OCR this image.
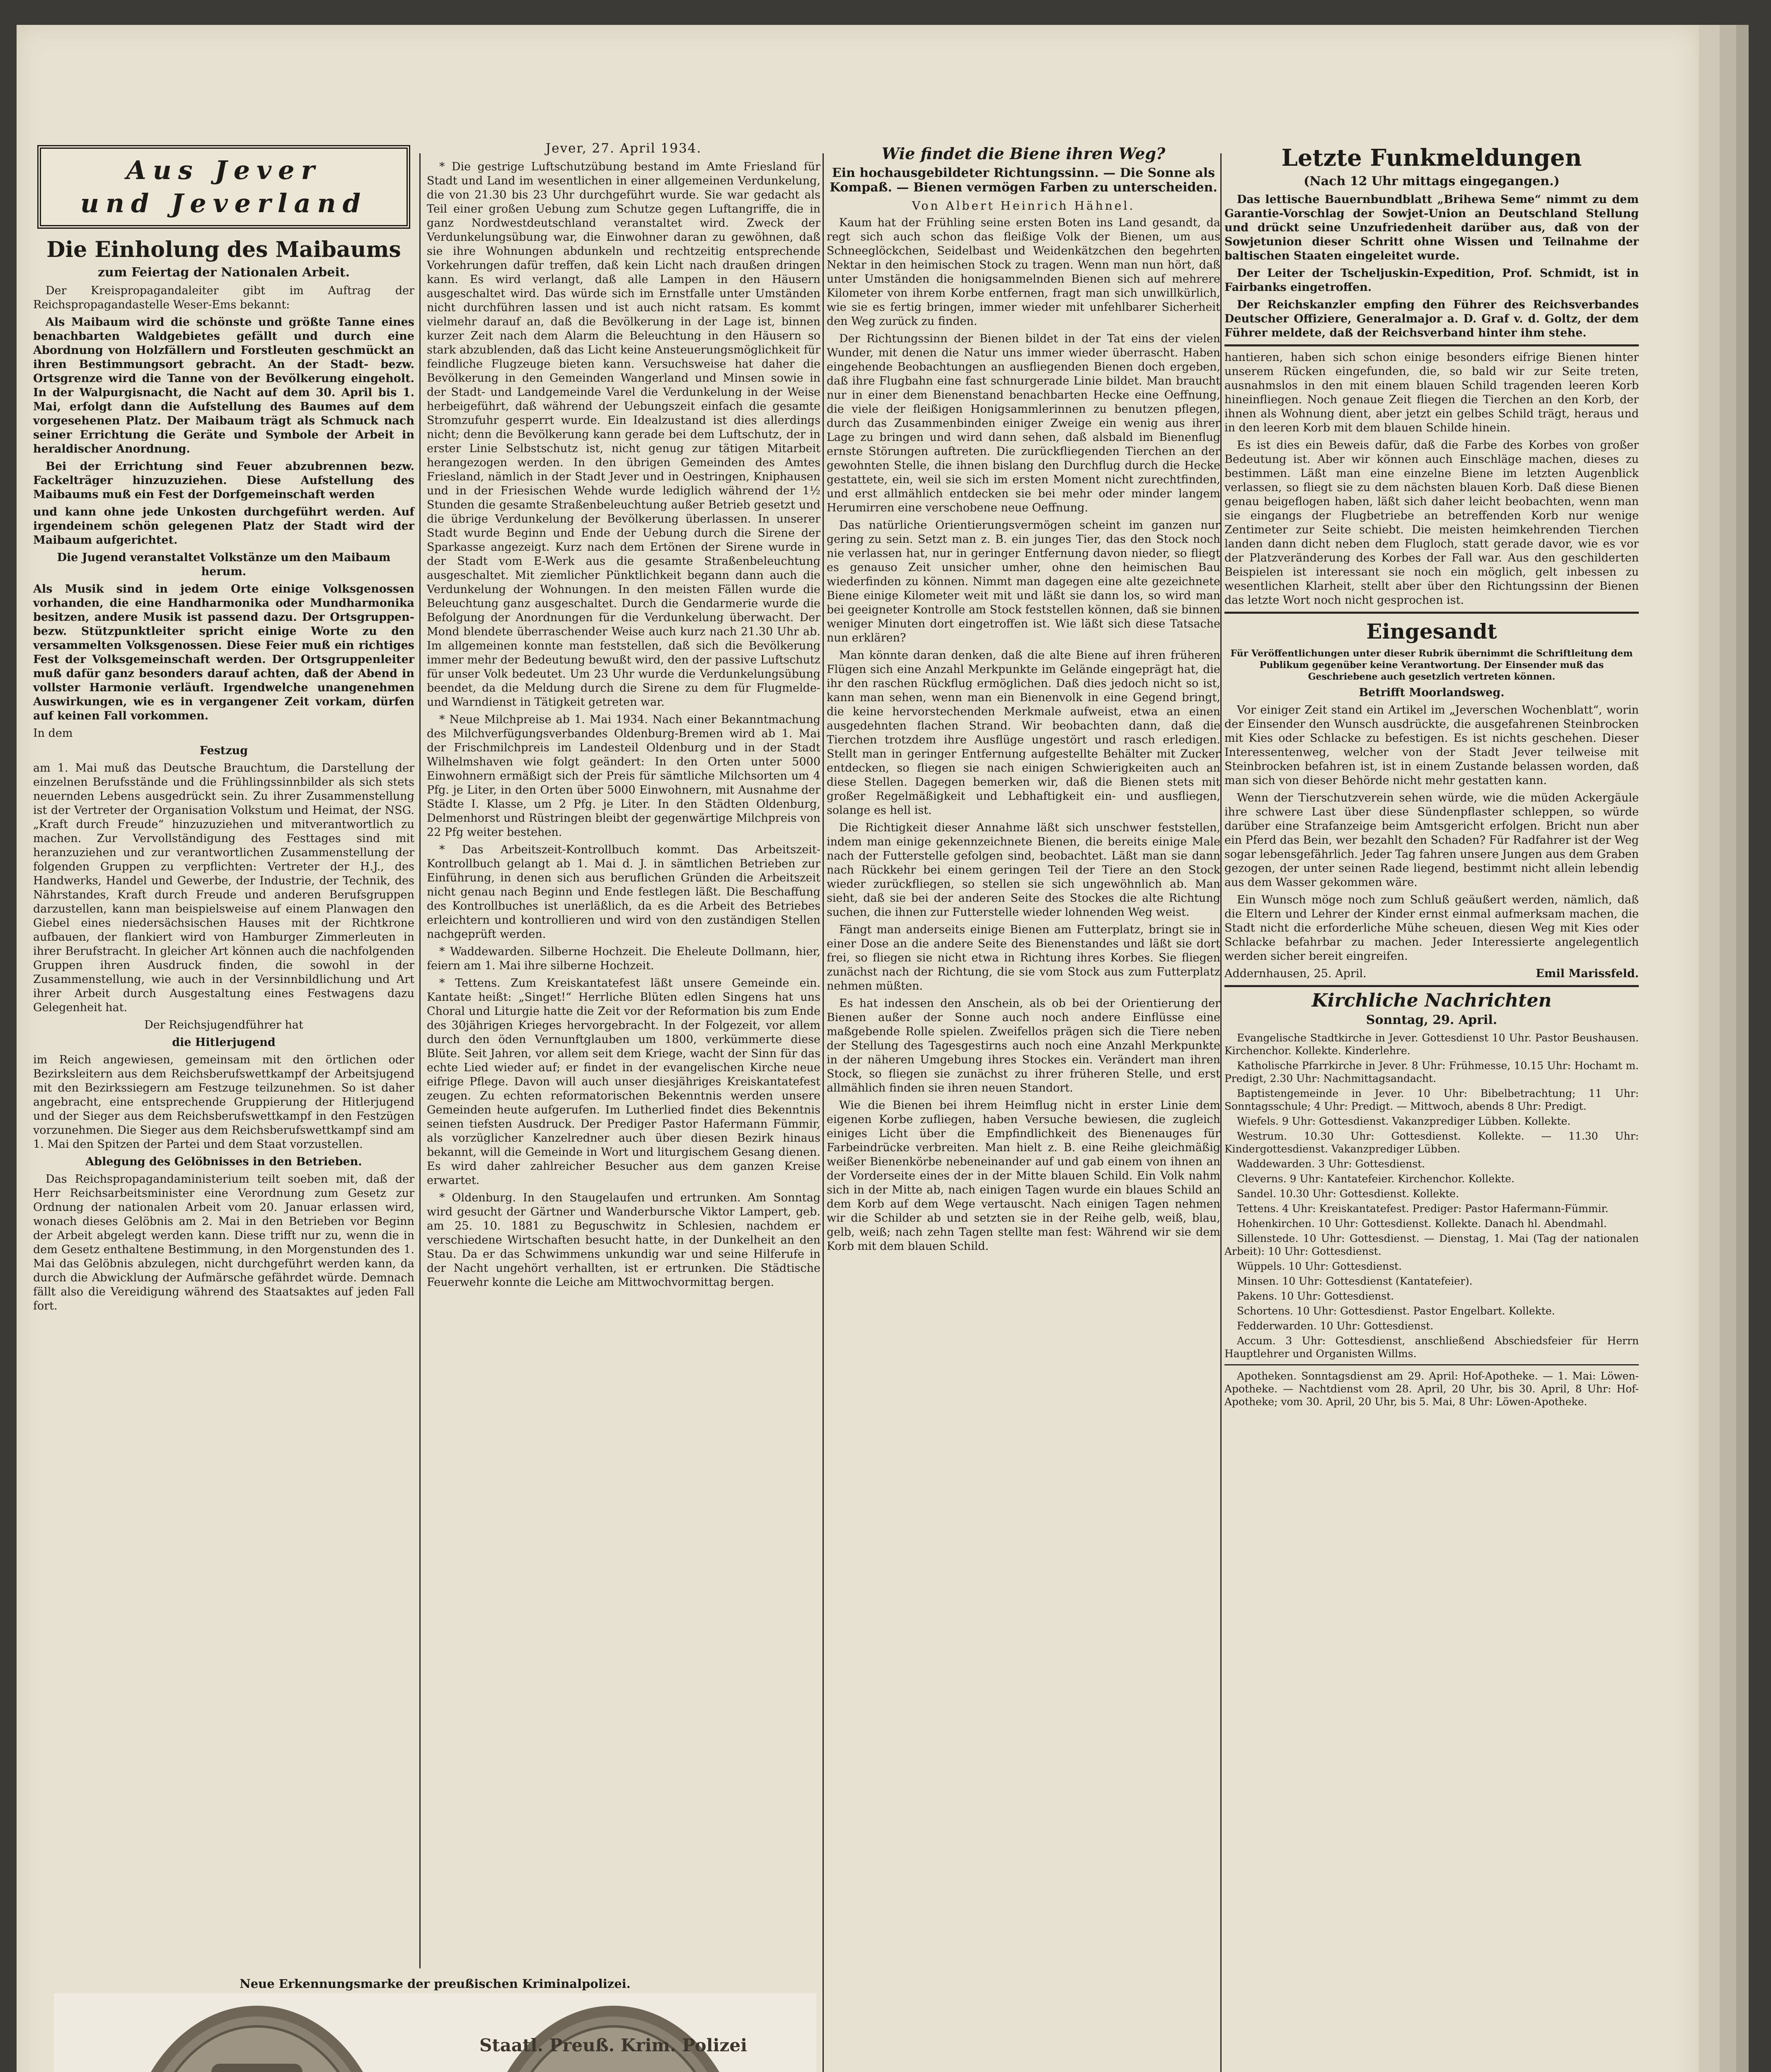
Aus Jever
und Jeverland
Die Einholung des Maibaums
zum Feiertag der Nationalen Arbeit.

Der Kreispropagandaleiter gibt im Auftrag der Reichspropagandastelle Weser-Ems bekannt:

Als Maibaum wird die schönste und größte Tanne eines benachbarten Waldgebietes gefällt und durch eine Abordnung von Holzfällern und Forstleuten geschmückt an ihren Bestimmungsort gebracht. An der Stadt- bezw. Ortsgrenze wird die Tanne von der Bevölkerung eingeholt. In der Walpurgisnacht, die Nacht auf dem 30. April bis 1. Mai, erfolgt dann die Aufstellung des Baumes auf dem vorgesehenen Platz. Der Maibaum trägt als Schmuck nach seiner Errichtung die Geräte und Symbole der Arbeit in heraldischer Anordnung.

Bei der Errichtung sind Feuer abzubrennen bezw. Fackelträger hinzuzuziehen. Diese Aufstellung des Maibaums muß ein Fest der Dorfgemeinschaft werden

und kann ohne jede Unkosten durchgeführt werden. Auf irgendeinem schön gelegenen Platz der Stadt wird der Maibaum aufgerichtet.

Die Jugend veranstaltet Volkstänze um den Maibaum herum.

Als Musik sind in jedem Orte einige Volksgenossen vorhanden, die eine Handharmonika oder Mundharmonika besitzen, andere Musik ist passend dazu. Der Ortsgruppen- bezw. Stützpunktleiter spricht einige Worte zu den versammelten Volksgenossen. Diese Feier muß ein richtiges Fest der Volksgemeinschaft werden. Der Ortsgruppenleiter muß dafür ganz besonders darauf achten, daß der Abend in vollster Harmonie verläuft. Irgendwelche unangenehmen Auswirkungen, wie es in vergangener Zeit vorkam, dürfen auf keinen Fall vorkommen.

In dem

Festzug

am 1. Mai muß das Deutsche Brauchtum, die Darstellung der einzelnen Berufsstände und die Frühlingssinnbilder als sich stets neuernden Lebens ausgedrückt sein. Zu ihrer Zusammenstellung ist der Vertreter der Organisation Volkstum und Heimat, der NSG. „Kraft durch Freude“ hinzuzuziehen und mitverantwortlich zu machen. Zur Vervollständigung des Festtages sind mit heranzuziehen und zur verantwortlichen Zusammenstellung der folgenden Gruppen zu verpflichten: Vertreter der H.J., des Handwerks, Handel und Gewerbe, der Industrie, der Technik, des Nährstandes, Kraft durch Freude und anderen Berufsgruppen darzustellen, kann man beispielsweise auf einem Planwagen den Giebel eines niedersächsischen Hauses mit der Richtkrone aufbauen, der flankiert wird von Hamburger Zimmerleuten in ihrer Berufstracht. In gleicher Art können auch die nachfolgenden Gruppen ihren Ausdruck finden, die sowohl in der Zusammenstellung, wie auch in der Versinnbildlichung und Art ihrer Arbeit durch Ausgestaltung eines Festwagens dazu Gelegenheit hat.

Der Reichsjugendführer hat

die Hitlerjugend

im Reich angewiesen, gemeinsam mit den örtlichen oder Bezirksleitern aus dem Reichsberufswettkampf der Arbeitsjugend mit den Bezirkssiegern am Festzuge teilzunehmen. So ist daher angebracht, eine entsprechende Gruppierung der Hitlerjugend und der Sieger aus dem Reichsberufswettkampf in den Festzügen vorzunehmen. Die Sieger aus dem Reichsberufswettkampf sind am 1. Mai den Spitzen der Partei und dem Staat vorzustellen.

Ablegung des Gelöbnisses in den Betrieben.

Das Reichspropagandaministerium teilt soeben mit, daß der Herr Reichsarbeitsminister eine Verordnung zum Gesetz zur Ordnung der nationalen Arbeit vom 20. Januar erlassen wird, wonach dieses Gelöbnis am 2. Mai in den Betrieben vor Beginn der Arbeit abgelegt werden kann. Diese trifft nur zu, wenn die in dem Gesetz enthaltene Bestimmung, in den Morgenstunden des 1. Mai das Gelöbnis abzulegen, nicht durchgeführt werden kann, da durch die Abwicklung der Aufmärsche gefährdet würde. Demnach fällt also die Vereidigung während des Staatsaktes auf jeden Fall fort.

Jever, 27. April 1934.

* Die gestrige Luftschutzübung bestand im Amte Friesland für Stadt und Land im wesentlichen in einer allgemeinen Verdunkelung, die von 21.30 bis 23 Uhr durchgeführt wurde. Sie war gedacht als Teil einer großen Uebung zum Schutze gegen Luftangriffe, die in ganz Nordwestdeutschland veranstaltet wird. Zweck der Verdunkelungsübung war, die Einwohner daran zu gewöhnen, daß sie ihre Wohnungen abdunkeln und rechtzeitig entsprechende Vorkehrungen dafür treffen, daß kein Licht nach draußen dringen kann. Es wird verlangt, daß alle Lampen in den Häusern ausgeschaltet wird. Das würde sich im Ernstfalle unter Umständen nicht durchführen lassen und ist auch nicht ratsam. Es kommt vielmehr darauf an, daß die Bevölkerung in der Lage ist, binnen kurzer Zeit nach dem Alarm die Beleuchtung in den Häusern so stark abzublenden, daß das Licht keine Ansteuerungsmöglichkeit für feindliche Flugzeuge bieten kann. Versuchsweise hat daher die Bevölkerung in den Gemeinden Wangerland und Minsen sowie in der Stadt- und Landgemeinde Varel die Verdunkelung in der Weise herbeigeführt, daß während der Uebungszeit einfach die gesamte Stromzufuhr gesperrt wurde. Ein Idealzustand ist dies allerdings nicht; denn die Bevölkerung kann gerade bei dem Luftschutz, der in erster Linie Selbstschutz ist, nicht genug zur tätigen Mitarbeit herangezogen werden. In den übrigen Gemeinden des Amtes Friesland, nämlich in der Stadt Jever und in Oestringen, Kniphausen und in der Friesischen Wehde wurde lediglich während der 1½ Stunden die gesamte Straßenbeleuchtung außer Betrieb gesetzt und die übrige Verdunkelung der Bevölkerung überlassen. In unserer Stadt wurde Beginn und Ende der Uebung durch die Sirene der Sparkasse angezeigt. Kurz nach dem Ertönen der Sirene wurde in der Stadt vom E-Werk aus die gesamte Straßenbeleuchtung ausgeschaltet. Mit ziemlicher Pünktlichkeit begann dann auch die Verdunkelung der Wohnungen. In den meisten Fällen wurde die Beleuchtung ganz ausgeschaltet. Durch die Gendarmerie wurde die Befolgung der Anordnungen für die Verdunkelung überwacht. Der Mond blendete überraschender Weise auch kurz nach 21.30 Uhr ab. Im allgemeinen konnte man feststellen, daß sich die Bevölkerung immer mehr der Bedeutung bewußt wird, den der passive Luftschutz für unser Volk bedeutet. Um 23 Uhr wurde die Verdunkelungsübung beendet, da die Meldung durch die Sirene zu dem für Flugmelde- und Warndienst in Tätigkeit getreten war.

* Neue Milchpreise ab 1. Mai 1934. Nach einer Bekanntmachung des Milchverfügungsverbandes Oldenburg-Bremen wird ab 1. Mai der Frischmilchpreis im Landesteil Oldenburg und in der Stadt Wilhelmshaven wie folgt geändert: In den Orten unter 5000 Einwohnern ermäßigt sich der Preis für sämtliche Milchsorten um 4 Pfg. je Liter, in den Orten über 5000 Einwohnern, mit Ausnahme der Städte I. Klasse, um 2 Pfg. je Liter. In den Städten Oldenburg, Delmenhorst und Rüstringen bleibt der gegenwärtige Milchpreis von 22 Pfg weiter bestehen.

* Das Arbeitszeit-Kontrollbuch kommt. Das Arbeitszeit-Kontrollbuch gelangt ab 1. Mai d. J. in sämtlichen Betrieben zur Einführung, in denen sich aus beruflichen Gründen die Arbeitszeit nicht genau nach Beginn und Ende festlegen läßt. Die Beschaffung des Kontrollbuches ist unerläßlich, da es die Arbeit des Betriebes erleichtern und kontrollieren und wird von den zuständigen Stellen nachgeprüft werden.

* Waddewarden. Silberne Hochzeit. Die Eheleute Dollmann, hier, feiern am 1. Mai ihre silberne Hochzeit.

* Tettens. Zum Kreiskantatefest läßt unsere Gemeinde ein. Kantate heißt: „Singet!“ Herrliche Blüten edlen Singens hat uns Choral und Liturgie hatte die Zeit vor der Reformation bis zum Ende des 30jährigen Krieges hervorgebracht. In der Folgezeit, vor allem durch den öden Vernunftglauben um 1800, verkümmerte diese Blüte. Seit Jahren, vor allem seit dem Kriege, wacht der Sinn für das echte Lied wieder auf; er findet in der evangelischen Kirche neue eifrige Pflege. Davon will auch unser diesjähriges Kreiskantatefest zeugen. Zu echten reformatorischen Bekenntnis werden unsere Gemeinden heute aufgerufen. Im Lutherlied findet dies Bekenntnis seinen tiefsten Ausdruck. Der Prediger Pastor Hafermann Fümmir, als vorzüglicher Kanzelredner auch über diesen Bezirk hinaus bekannt, will die Gemeinde in Wort und liturgischem Gesang dienen. Es wird daher zahlreicher Besucher aus dem ganzen Kreise erwartet.

* Oldenburg. In den Staugelaufen und ertrunken. Am Sonntag wird gesucht der Gärtner und Wanderbursche Viktor Lampert, geb. am 25. 10. 1881 zu Beguschwitz in Schlesien, nachdem er verschiedene Wirtschaften besucht hatte, in der Dunkelheit an den Stau. Da er das Schwimmens unkundig war und seine Hilferufe in der Nacht ungehört verhallten, ist er ertrunken. Die Städtische Feuerwehr konnte die Leiche am Mittwochvormittag bergen.

Wie findet die Biene ihren Weg?
Ein hochausgebildeter Richtungssinn. — Die Sonne als Kompaß. — Bienen vermögen Farben zu unterscheiden.
Von Albert Heinrich Hähnel.

Kaum hat der Frühling seine ersten Boten ins Land gesandt, da regt sich auch schon das fleißige Volk der Bienen, um aus Schneeglöckchen, Seidelbast und Weidenkätzchen den begehrten Nektar in den heimischen Stock zu tragen. Wenn man nun hört, daß unter Umständen die honigsammelnden Bienen sich auf mehrere Kilometer von ihrem Korbe entfernen, fragt man sich unwillkürlich, wie sie es fertig bringen, immer wieder mit unfehlbarer Sicherheit den Weg zurück zu finden.

Der Richtungssinn der Bienen bildet in der Tat eins der vielen Wunder, mit denen die Natur uns immer wieder überrascht. Haben eingehende Beobachtungen an ausfliegenden Bienen doch ergeben, daß ihre Flugbahn eine fast schnurgerade Linie bildet. Man braucht nur in einer dem Bienenstand benachbarten Hecke eine Oeffnung, die viele der fleißigen Honigsammlerinnen zu benutzen pflegen, durch das Zusammenbinden einiger Zweige ein wenig aus ihrer Lage zu bringen und wird dann sehen, daß alsbald im Bienenflug ernste Störungen auftreten. Die zurückfliegenden Tierchen an der gewohnten Stelle, die ihnen bislang den Durchflug durch die Hecke gestattete, ein, weil sie sich im ersten Moment nicht zurechtfinden, und erst allmählich entdecken sie bei mehr oder minder langem Herumirren eine verschobene neue Oeffnung.

Das natürliche Orientierungsvermögen scheint im ganzen nur gering zu sein. Setzt man z. B. ein junges Tier, das den Stock noch nie verlassen hat, nur in geringer Entfernung davon nieder, so fliegt es genauso Zeit unsicher umher, ohne den heimischen Bau wiederfinden zu können. Nimmt man dagegen eine alte gezeichnete Biene einige Kilometer weit mit und läßt sie dann los, so wird man bei geeigneter Kontrolle am Stock feststellen können, daß sie binnen weniger Minuten dort eingetroffen ist. Wie läßt sich diese Tatsache nun erklären?

Man könnte daran denken, daß die alte Biene auf ihren früheren Flügen sich eine Anzahl Merkpunkte im Gelände eingeprägt hat, die ihr den raschen Rückflug ermöglichen. Daß dies jedoch nicht so ist, kann man sehen, wenn man ein Bienenvolk in eine Gegend bringt, die keine hervorstechenden Merkmale aufweist, etwa an einen ausgedehnten flachen Strand. Wir beobachten dann, daß die Tierchen trotzdem ihre Ausflüge ungestört und rasch erledigen. Stellt man in geringer Entfernung aufgestellte Behälter mit Zucker entdecken, so fliegen sie nach einigen Schwierigkeiten auch an diese Stellen. Dagegen bemerken wir, daß die Bienen stets mit großer Regelmäßigkeit und Lebhaftigkeit ein- und ausfliegen, solange es hell ist.

Die Richtigkeit dieser Annahme läßt sich unschwer feststellen, indem man einige gekennzeichnete Bienen, die bereits einige Male nach der Futterstelle gefolgen sind, beobachtet. Läßt man sie dann nach Rückkehr bei einem geringen Teil der Tiere an den Stock wieder zurückfliegen, so stellen sie sich ungewöhnlich ab. Man sieht, daß sie bei der anderen Seite des Stockes die alte Richtung suchen, die ihnen zur Futterstelle wieder lohnenden Weg weist.

Fängt man anderseits einige Bienen am Futterplatz, bringt sie in einer Dose an die andere Seite des Bienenstandes und läßt sie dort frei, so fliegen sie nicht etwa in Richtung ihres Korbes. Sie fliegen zunächst nach der Richtung, die sie vom Stock aus zum Futterplatz nehmen müßten.

Es hat indessen den Anschein, als ob bei der Orientierung der Bienen außer der Sonne auch noch andere Einflüsse eine maßgebende Rolle spielen. Zweifellos prägen sich die Tiere neben der Stellung des Tagesgestirns auch noch eine Anzahl Merkpunkte in der näheren Umgebung ihres Stockes ein. Verändert man ihren Stock, so fliegen sie zunächst zu ihrer früheren Stelle, und erst allmählich finden sie ihren neuen Standort.

Wie die Bienen bei ihrem Heimflug nicht in erster Linie dem eigenen Korbe zufliegen, haben Versuche bewiesen, die zugleich einiges Licht über die Empfindlichkeit des Bienenauges für Farbeindrücke verbreiten. Man hielt z. B. eine Reihe gleichmäßig weißer Bienenkörbe nebeneinander auf und gab einem von ihnen an der Vorderseite eines der in der Mitte blauen Schild. Ein Volk nahm sich in der Mitte ab, nach einigen Tagen wurde ein blaues Schild an dem Korb auf dem Wege vertauscht. Nach einigen Tagen nehmen wir die Schilder ab und setzten sie in der Reihe gelb, weiß, blau, gelb, weiß; nach zehn Tagen stellte man fest: Während wir sie dem Korb mit dem blauen Schild.

Letzte Funkmeldungen
(Nach 12 Uhr mittags eingegangen.)

Das lettische Bauernbundblatt „Brihewa Seme“ nimmt zu dem Garantie-Vorschlag der Sowjet-Union an Deutschland Stellung und drückt seine Unzufriedenheit darüber aus, daß von der Sowjetunion dieser Schritt ohne Wissen und Teilnahme der baltischen Staaten eingeleitet wurde.

Der Leiter der Tscheljuskin-Expedition, Prof. Schmidt, ist in Fairbanks eingetroffen.

Der Reichskanzler empfing den Führer des Reichsverbandes Deutscher Offiziere, Generalmajor a. D. Graf v. d. Goltz, der dem Führer meldete, daß der Reichsverband hinter ihm stehe.

hantieren, haben sich schon einige besonders eifrige Bienen hinter unserem Rücken eingefunden, die, so bald wir zur Seite treten, ausnahmslos in den mit einem blauen Schild tragenden leeren Korb hineinfliegen. Noch genaue Zeit fliegen die Tierchen an den Korb, der ihnen als Wohnung dient, aber jetzt ein gelbes Schild trägt, heraus und in den leeren Korb mit dem blauen Schilde hinein.

Es ist dies ein Beweis dafür, daß die Farbe des Korbes von großer Bedeutung ist. Aber wir können auch Einschläge machen, dieses zu bestimmen. Läßt man eine einzelne Biene im letzten Augenblick verlassen, so fliegt sie zu dem nächsten blauen Korb. Daß diese Bienen genau beigeflogen haben, läßt sich daher leicht beobachten, wenn man sie eingangs der Flugbetriebe an betreffenden Korb nur wenige Zentimeter zur Seite schiebt. Die meisten heimkehrenden Tierchen landen dann dicht neben dem Flugloch, statt gerade davor, wie es vor der Platzveränderung des Korbes der Fall war. Aus den geschilderten Beispielen ist interessant sie noch ein möglich, gelt inbessen zu wesentlichen Klarheit, stellt aber über den Richtungssinn der Bienen das letzte Wort noch nicht gesprochen ist.

Eingesandt

Für Veröffentlichungen unter dieser Rubrik übernimmt die Schriftleitung dem Publikum gegenüber keine Verantwortung. Der Einsender muß das Geschriebene auch gesetzlich vertreten können.

Betrifft Moorlandsweg.

Vor einiger Zeit stand ein Artikel im „Jeverschen Wochenblatt“, worin der Einsender den Wunsch ausdrückte, die ausgefahrenen Steinbrocken mit Kies oder Schlacke zu befestigen. Es ist nichts geschehen. Dieser Interessentenweg, welcher von der Stadt Jever teilweise mit Steinbrocken befahren ist, ist in einem Zustande belassen worden, daß man sich von dieser Behörde nicht mehr gestatten kann.

Wenn der Tierschutzverein sehen würde, wie die müden Ackergäule ihre schwere Last über diese Sündenpflaster schleppen, so würde darüber eine Strafanzeige beim Amtsgericht erfolgen. Bricht nun aber ein Pferd das Bein, wer bezahlt den Schaden? Für Radfahrer ist der Weg sogar lebensgefährlich. Jeder Tag fahren unsere Jungen aus dem Graben gezogen, der unter seinen Rade liegend, bestimmt nicht allein lebendig aus dem Wasser gekommen wäre.

Ein Wunsch möge noch zum Schluß geäußert werden, nämlich, daß die Eltern und Lehrer der Kinder ernst einmal aufmerksam machen, die Stadt nicht die erforderliche Mühe scheuen, diesen Weg mit Kies oder Schlacke befahrbar zu machen. Jeder Interessierte angelegentlich werden sicher bereit eingreifen.

Addernhausen, 25. April.	Emil Marissfeld.

Kirchliche Nachrichten
Sonntag, 29. April.

Evangelische Stadtkirche in Jever. Gottesdienst 10 Uhr. Pastor Beushausen. Kirchenchor. Kollekte. Kinderlehre.

Katholische Pfarrkirche in Jever. 8 Uhr: Frühmesse, 10.15 Uhr: Hochamt m. Predigt, 2.30 Uhr: Nachmittagsandacht.

Baptistengemeinde in Jever. 10 Uhr: Bibelbetrachtung; 11 Uhr: Sonntagsschule; 4 Uhr: Predigt. — Mittwoch, abends 8 Uhr: Predigt.

Wiefels. 9 Uhr: Gottesdienst. Vakanzprediger Lübben. Kollekte.

Westrum. 10.30 Uhr: Gottesdienst. Kollekte. — 11.30 Uhr: Kindergottesdienst. Vakanzprediger Lübben.

Waddewarden. 3 Uhr: Gottesdienst.

Cleverns. 9 Uhr: Kantatefeier. Kirchenchor. Kollekte.

Sandel. 10.30 Uhr: Gottesdienst. Kollekte.

Tettens. 4 Uhr: Kreiskantatefest. Prediger: Pastor Hafermann-Fümmir.

Hohenkirchen. 10 Uhr: Gottesdienst. Kollekte. Danach hl. Abendmahl.

Sillenstede. 10 Uhr: Gottesdienst. — Dienstag, 1. Mai (Tag der nationalen Arbeit): 10 Uhr: Gottesdienst.

Wüppels. 10 Uhr: Gottesdienst.

Minsen. 10 Uhr: Gottesdienst (Kantatefeier).

Pakens. 10 Uhr: Gottesdienst.

Schortens. 10 Uhr: Gottesdienst. Pastor Engelbart. Kollekte.

Fedderwarden. 10 Uhr: Gottesdienst.

Accum. 3 Uhr: Gottesdienst, anschließend Abschiedsfeier für Herrn Hauptlehrer und Organisten Willms.

Apotheken. Sonntagsdienst am 29. April: Hof-Apotheke. — 1. Mai: Löwen-Apotheke. — Nachtdienst vom 28. April, 20 Uhr, bis 30. April, 8 Uhr: Hof-Apotheke; vom 30. April, 20 Uhr, bis 5. Mai, 8 Uhr: Löwen-Apotheke.

Neue Erkennungsmarke der preußischen Kriminalpolizei.
Staatl. Preuß. Krim. Polizei
